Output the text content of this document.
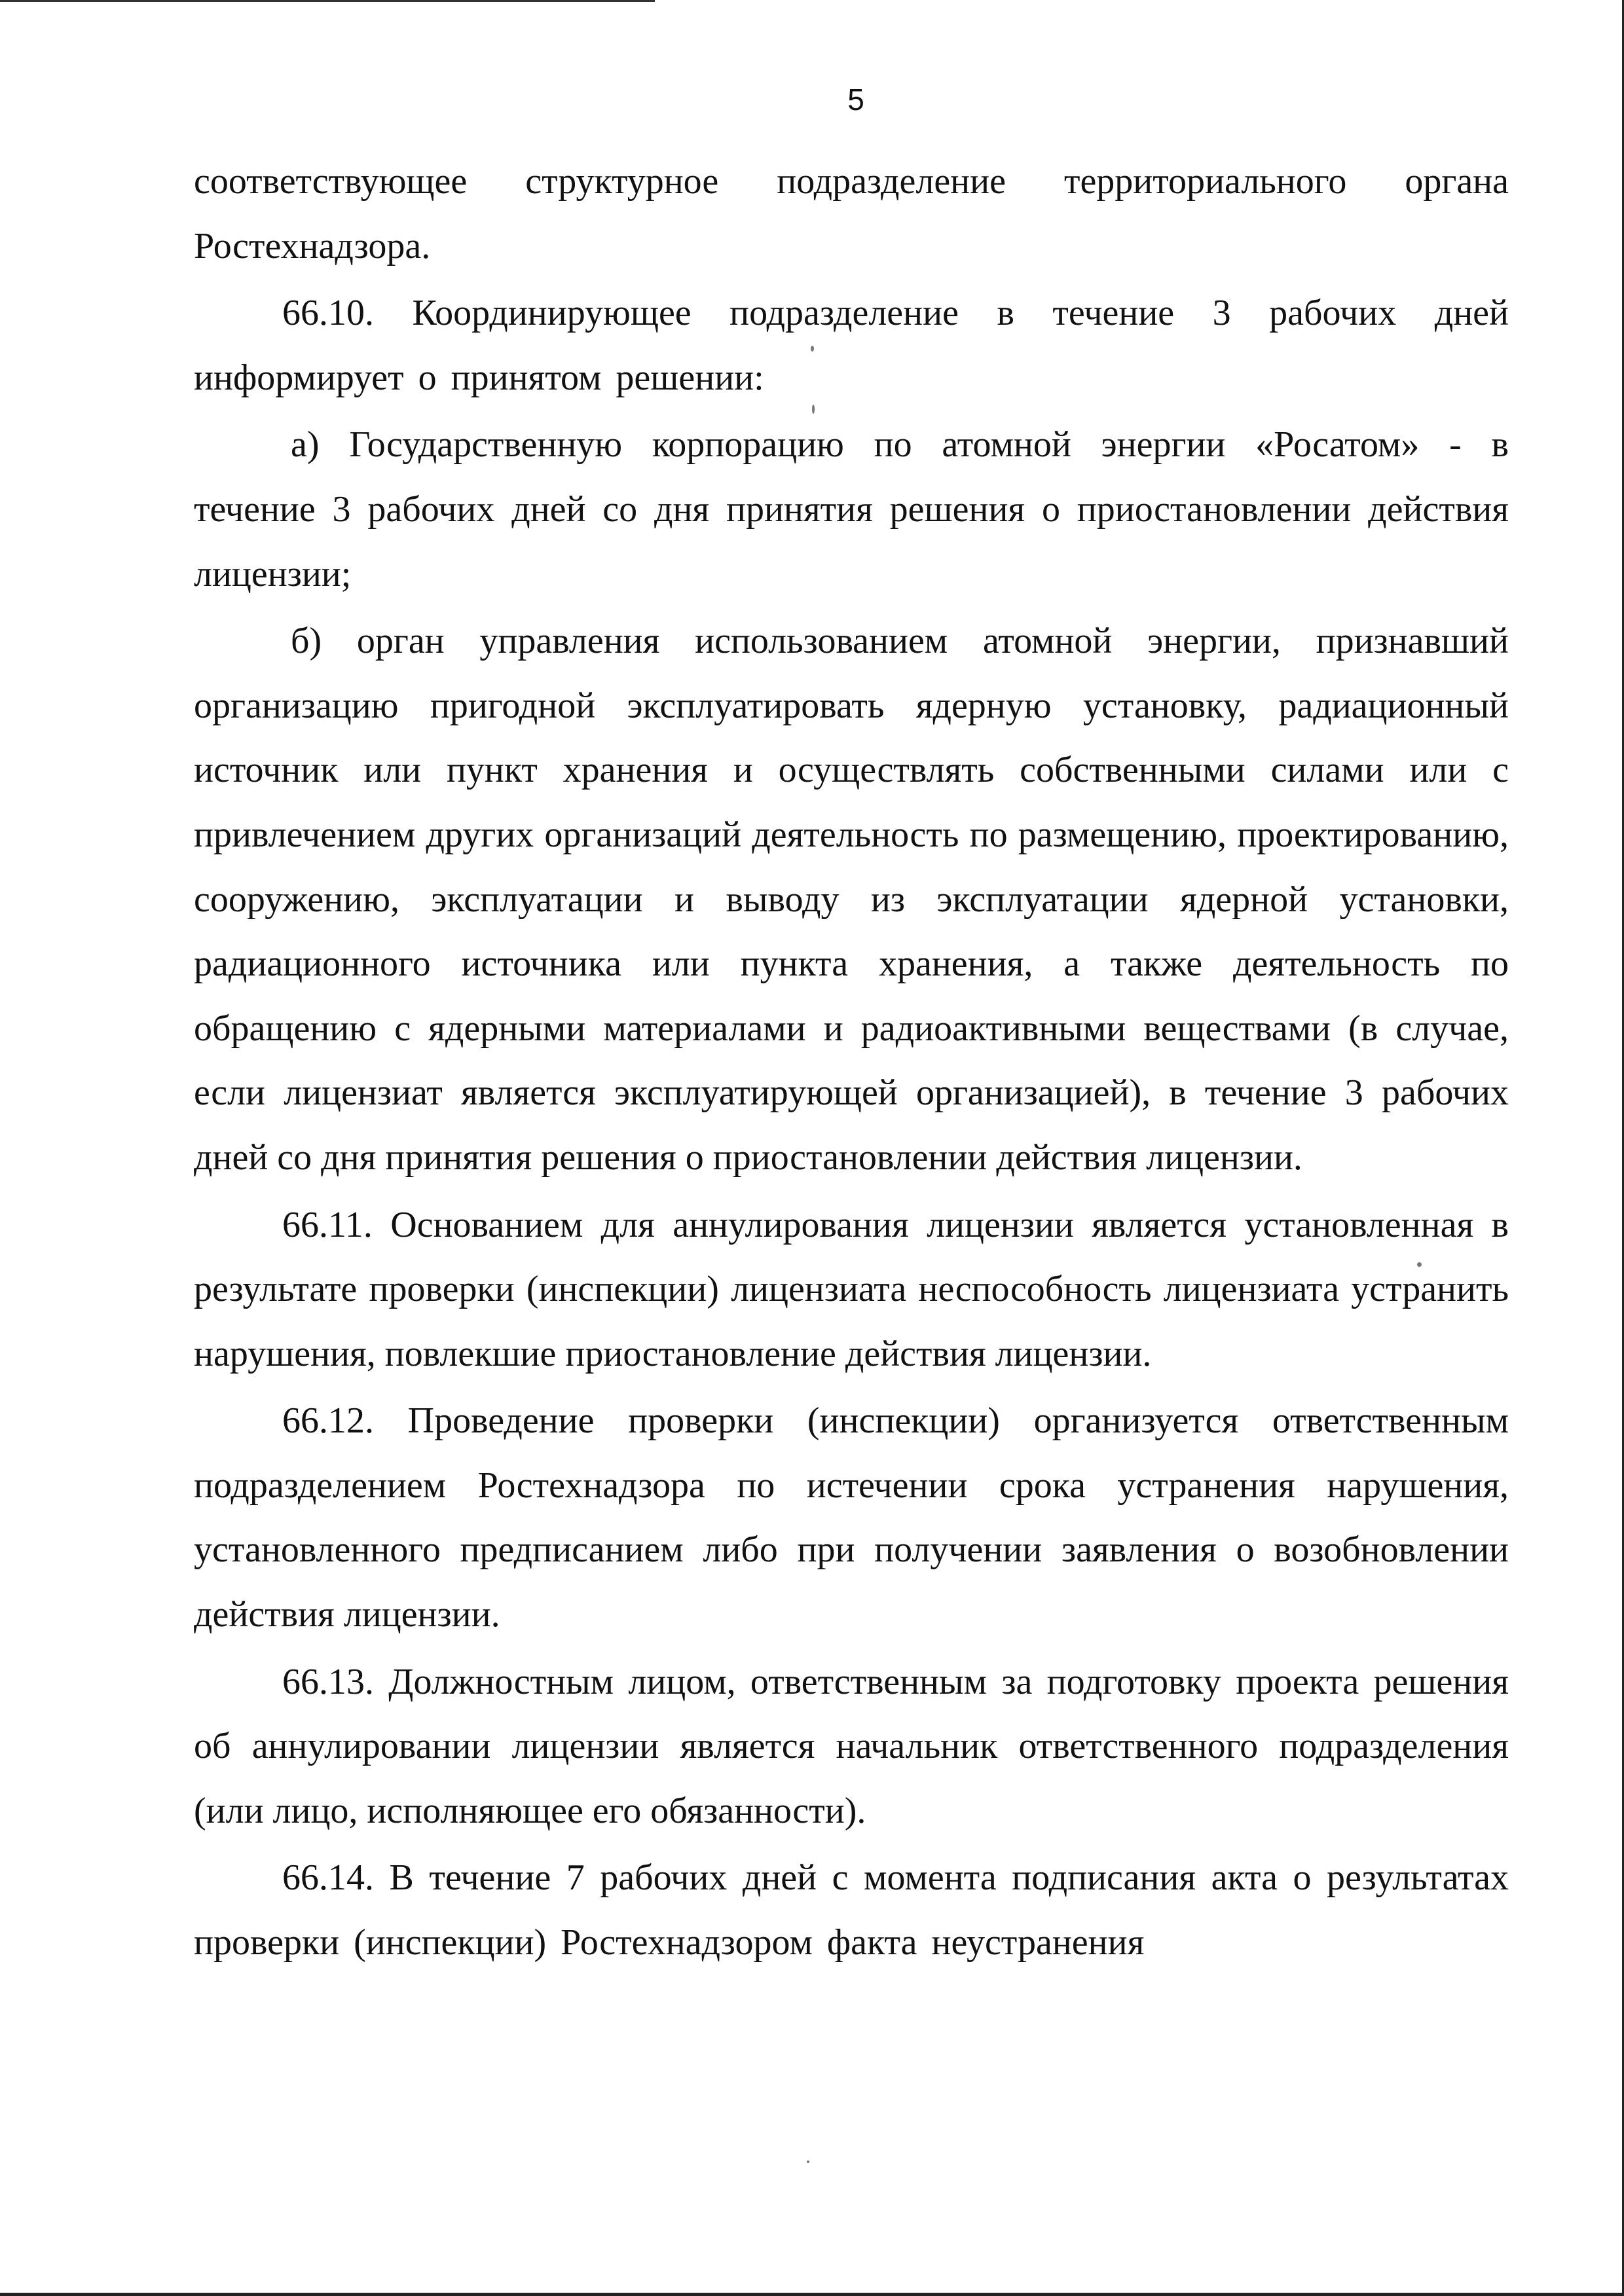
5

соответствующее структурное подразделение территориального органа Ростехнадзора.

66.10. Координирующее подразделение в течение 3 рабочих дней информирует о принятом решении:

а) Государственную корпорацию по атомной энергии «Росатом» - в течение 3 рабочих дней со дня принятия решения о приостановлении действия лицензии;

б) орган управления использованием атомной энергии, признавший организацию пригодной эксплуатировать ядерную установку, радиационный источник или пункт хранения и осуществлять собственными силами или с привлечением других организаций деятельность по размещению, проектированию, сооружению, эксплуатации и выводу из эксплуатации ядерной установки, радиационного источника или пункта хранения, а также деятельность по обращению с ядерными материалами и радиоактивными веществами (в случае, если лицензиат является эксплуатирующей организацией), в течение 3 рабочих дней со дня принятия решения о приостановлении действия лицензии.

66.11. Основанием для аннулирования лицензии является установленная в результате проверки (инспекции) лицензиата неспособность лицензиата устранить нарушения, повлекшие приостановление действия лицензии.

66.12. Проведение проверки (инспекции) организуется ответственным подразделением Ростехнадзора по истечении срока устранения нарушения, установленного предписанием либо при получении заявления о возобновлении действия лицензии.

66.13. Должностным лицом, ответственным за подготовку проекта решения об аннулировании лицензии является начальник ответственного подразделения (или лицо, исполняющее его обязанности).

66.14. В течение 7 рабочих дней с момента подписания акта о результатах проверки (инспекции) Ростехнадзором факта неустранения
